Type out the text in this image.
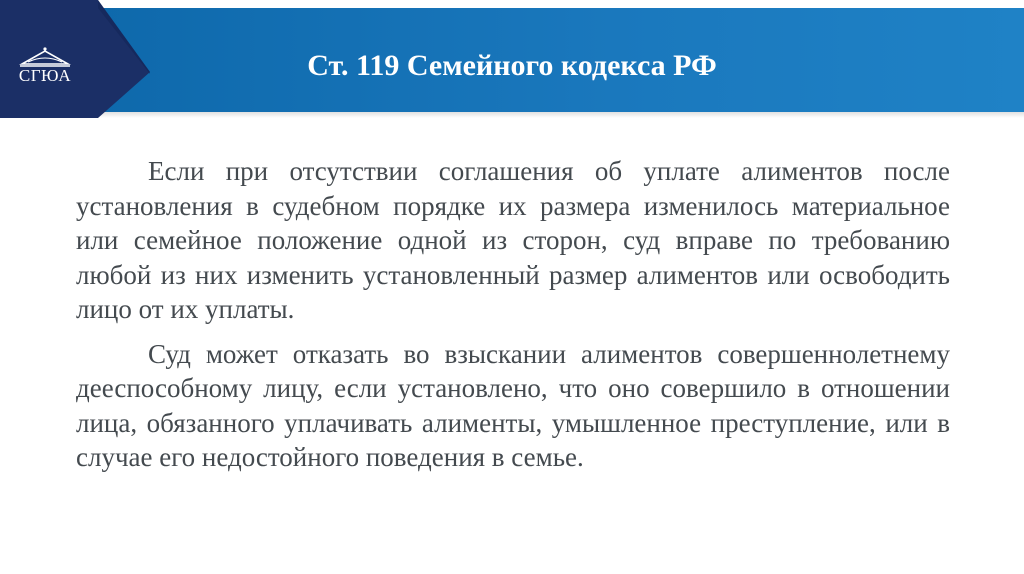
СГЮА	Ст. 119 Семейного кодекса РФ

Если при отсутствии соглашения об уплате алиментов после установления в судебном порядке их размера изменилось материальное или семейное положение одной из сторон, суд вправе по требованию любой из них изменить установленный размер алиментов или освободить лицо от их уплаты.

Суд может отказать во взыскании алиментов совершеннолетнему дееспособному лицу, если установлено, что оно совершило в отношении лица, обязанного уплачивать алименты, умышленное преступление, или в случае его недостойного поведения в семье.
